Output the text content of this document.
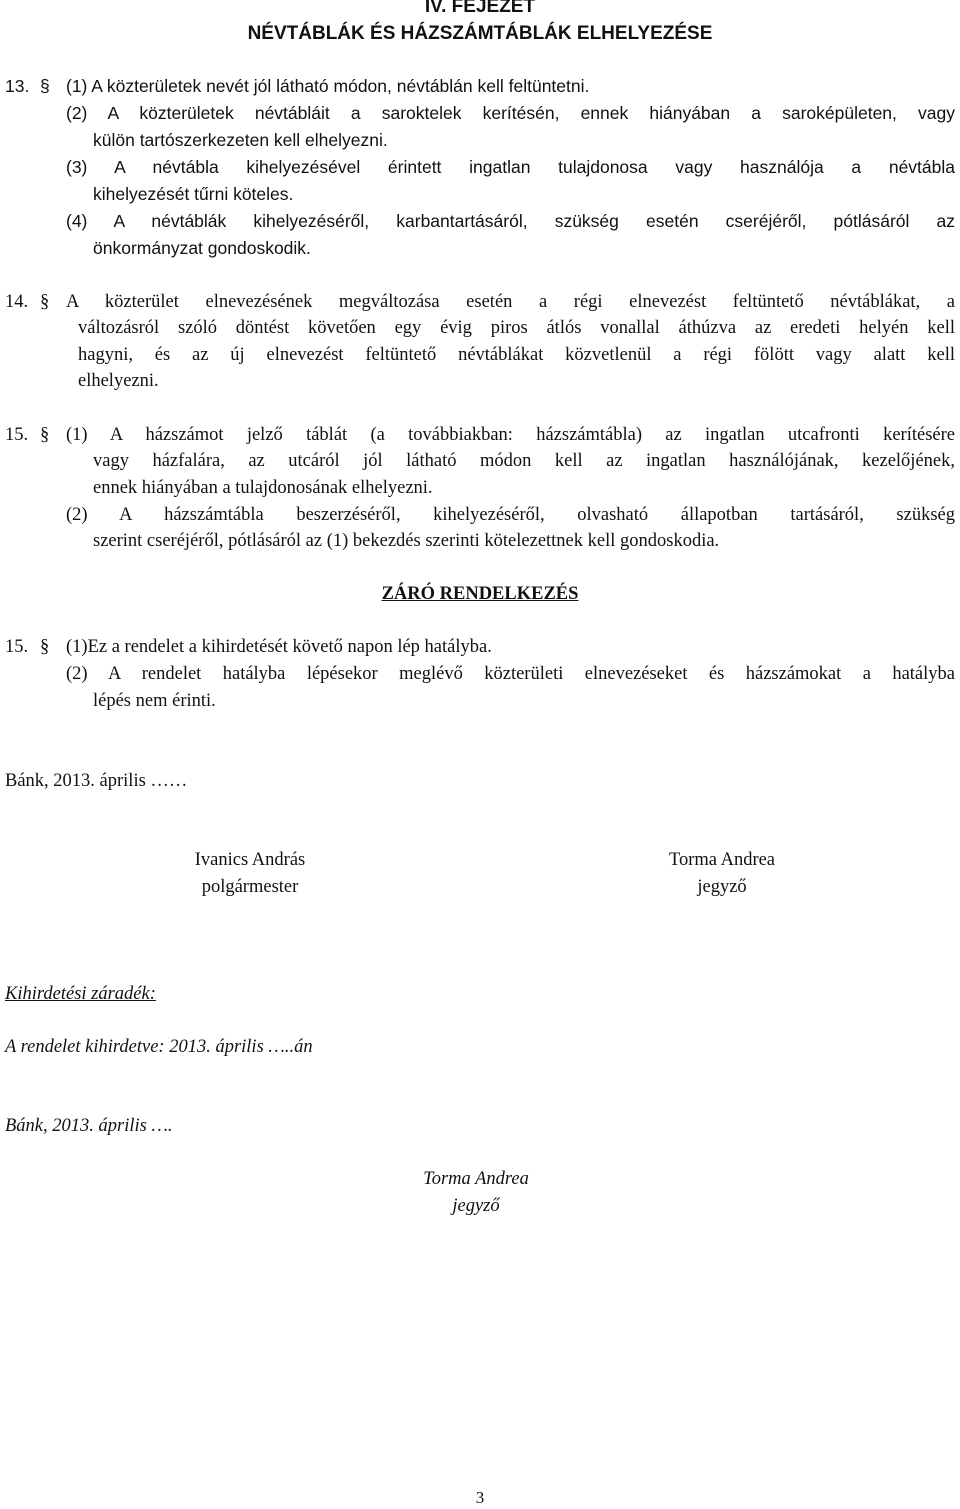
IV. FEJEZET
NÉVTÁBLÁK ÉS HÁZSZÁMTÁBLÁK ELHELYEZÉSE
13. § (1) A közterületek nevét jól látható módon, névtáblán kell feltüntetni.
(2) A közterületek névtábláit a saroktelek kerítésén, ennek hiányában a saroképületen, vagy
külön tartószerkezeten kell elhelyezni.
(3) A névtábla kihelyezésével érintett ingatlan tulajdonosa vagy használója a névtábla
kihelyezését tűrni köteles.
(4) A névtáblák kihelyezéséről, karbantartásáról, szükség esetén cseréjéről, pótlásáról az
önkormányzat gondoskodik.
14. § A közterület elnevezésének megváltozása esetén a régi elnevezést feltüntető névtáblákat, a
változásról szóló döntést követően egy évig piros átlós vonallal áthúzva az eredeti helyén kell
hagyni, és az új elnevezést feltüntető névtáblákat közvetlenül a régi fölött vagy alatt kell
elhelyezni.
15. § (1) A házszámot jelző táblát (a továbbiakban: házszámtábla) az ingatlan utcafronti kerítésére
vagy házfalára, az utcáról jól látható módon kell az ingatlan használójának, kezelőjének,
ennek hiányában a tulajdonosának elhelyezni.
(2) A házszámtábla beszerzéséről, kihelyezéséről, olvasható állapotban tartásáról, szükség
szerint cseréjéről, pótlásáról az (1) bekezdés szerinti kötelezettnek kell gondoskodia.
ZÁRÓ RENDELKEZÉS
15. § (1)Ez a rendelet a kihirdetését követő napon lép hatályba.
(2) A rendelet hatályba lépésekor meglévő közterületi elnevezéseket és házszámokat a hatályba
lépés nem érinti.
Bánk, 2013. április ……
Ivanics András
polgármester
Torma Andrea
jegyző
Kihirdetési záradék:
A rendelet kihirdetve: 2013. április …..án
Bánk, 2013. április ….
Torma Andrea
jegyző
3
